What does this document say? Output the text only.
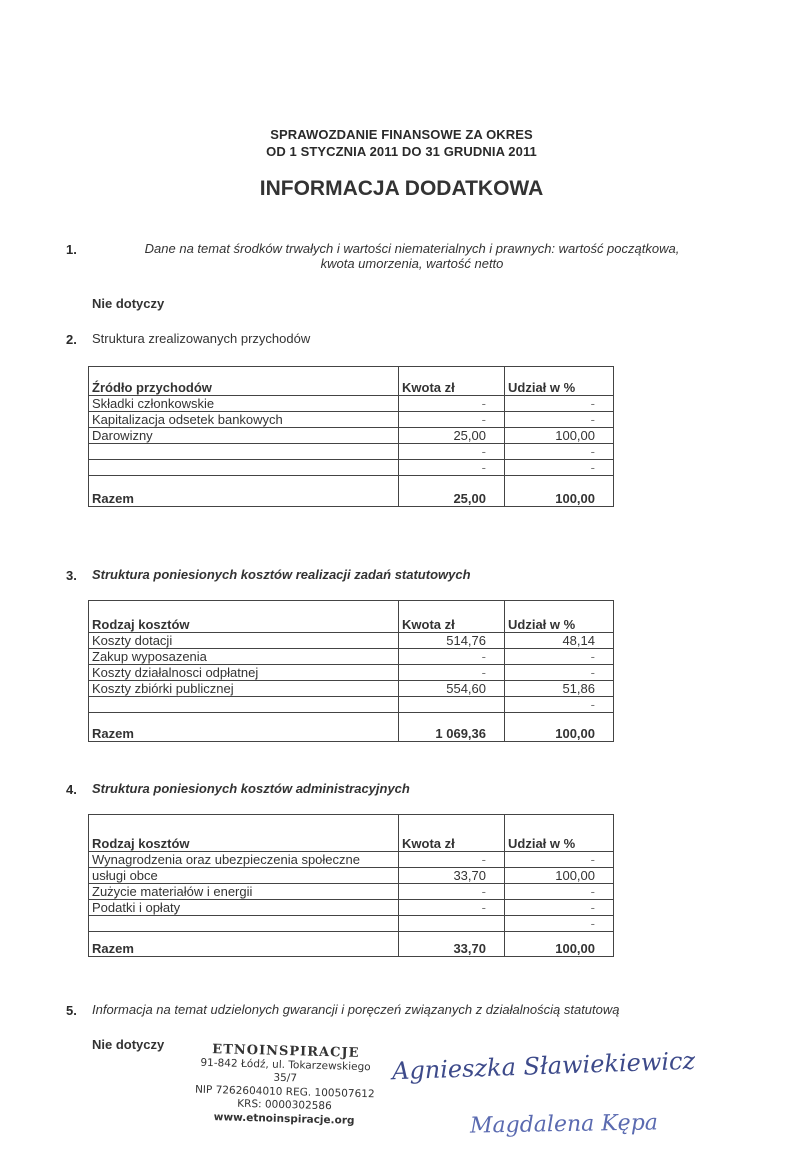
SPRAWOZDANIE FINANSOWE ZA OKRES
OD 1 STYCZNIA 2011 DO 31 GRUDNIA 2011
INFORMACJA DODATKOWA
1.	Dane na temat środków trwałych i wartości niematerialnych i prawnych: wartość początkowa,
kwota umorzenia, wartość netto
Nie dotyczy
2. Struktura zrealizowanych przychodów
Źródło przychodów	Kwota zł	Udział w %
Składki członkowskie	-	-
Kapitalizacja odsetek bankowych	-	-
Darowizny	25,00	100,00
	-	-
	-	-
Razem	25,00	100,00
3. Struktura poniesionych kosztów realizacji zadań statutowych
Rodzaj kosztów	Kwota zł	Udział w %
Koszty dotacji	514,76	48,14
Zakup wyposazenia	-	-
Koszty działalnosci odpłatnej	-	-
Koszty zbiórki publicznej	554,60	51,86
		-
Razem	1 069,36	100,00
4. Struktura poniesionych kosztów administracyjnych
Rodzaj kosztów	Kwota zł	Udział w %
Wynagrodzenia oraz ubezpieczenia społeczne	-	-
usługi obce	33,70	100,00
Zużycie materiałów i energii	-	-
Podatki i opłaty	-	-
		-
Razem	33,70	100,00
5. Informacja na temat udzielonych gwarancji i poręczeń związanych z działalnością statutową
Nie dotyczy	ETNOINSPIRACJE
91-842 Łódź, ul. Tokarzewskiego 35/7
NIP 7262604010 REG. 100507612
KRS: 0000302586
www.etnoinspiracje.org
Agnieszka Sławiekiewicz
Magdalena Kępa
